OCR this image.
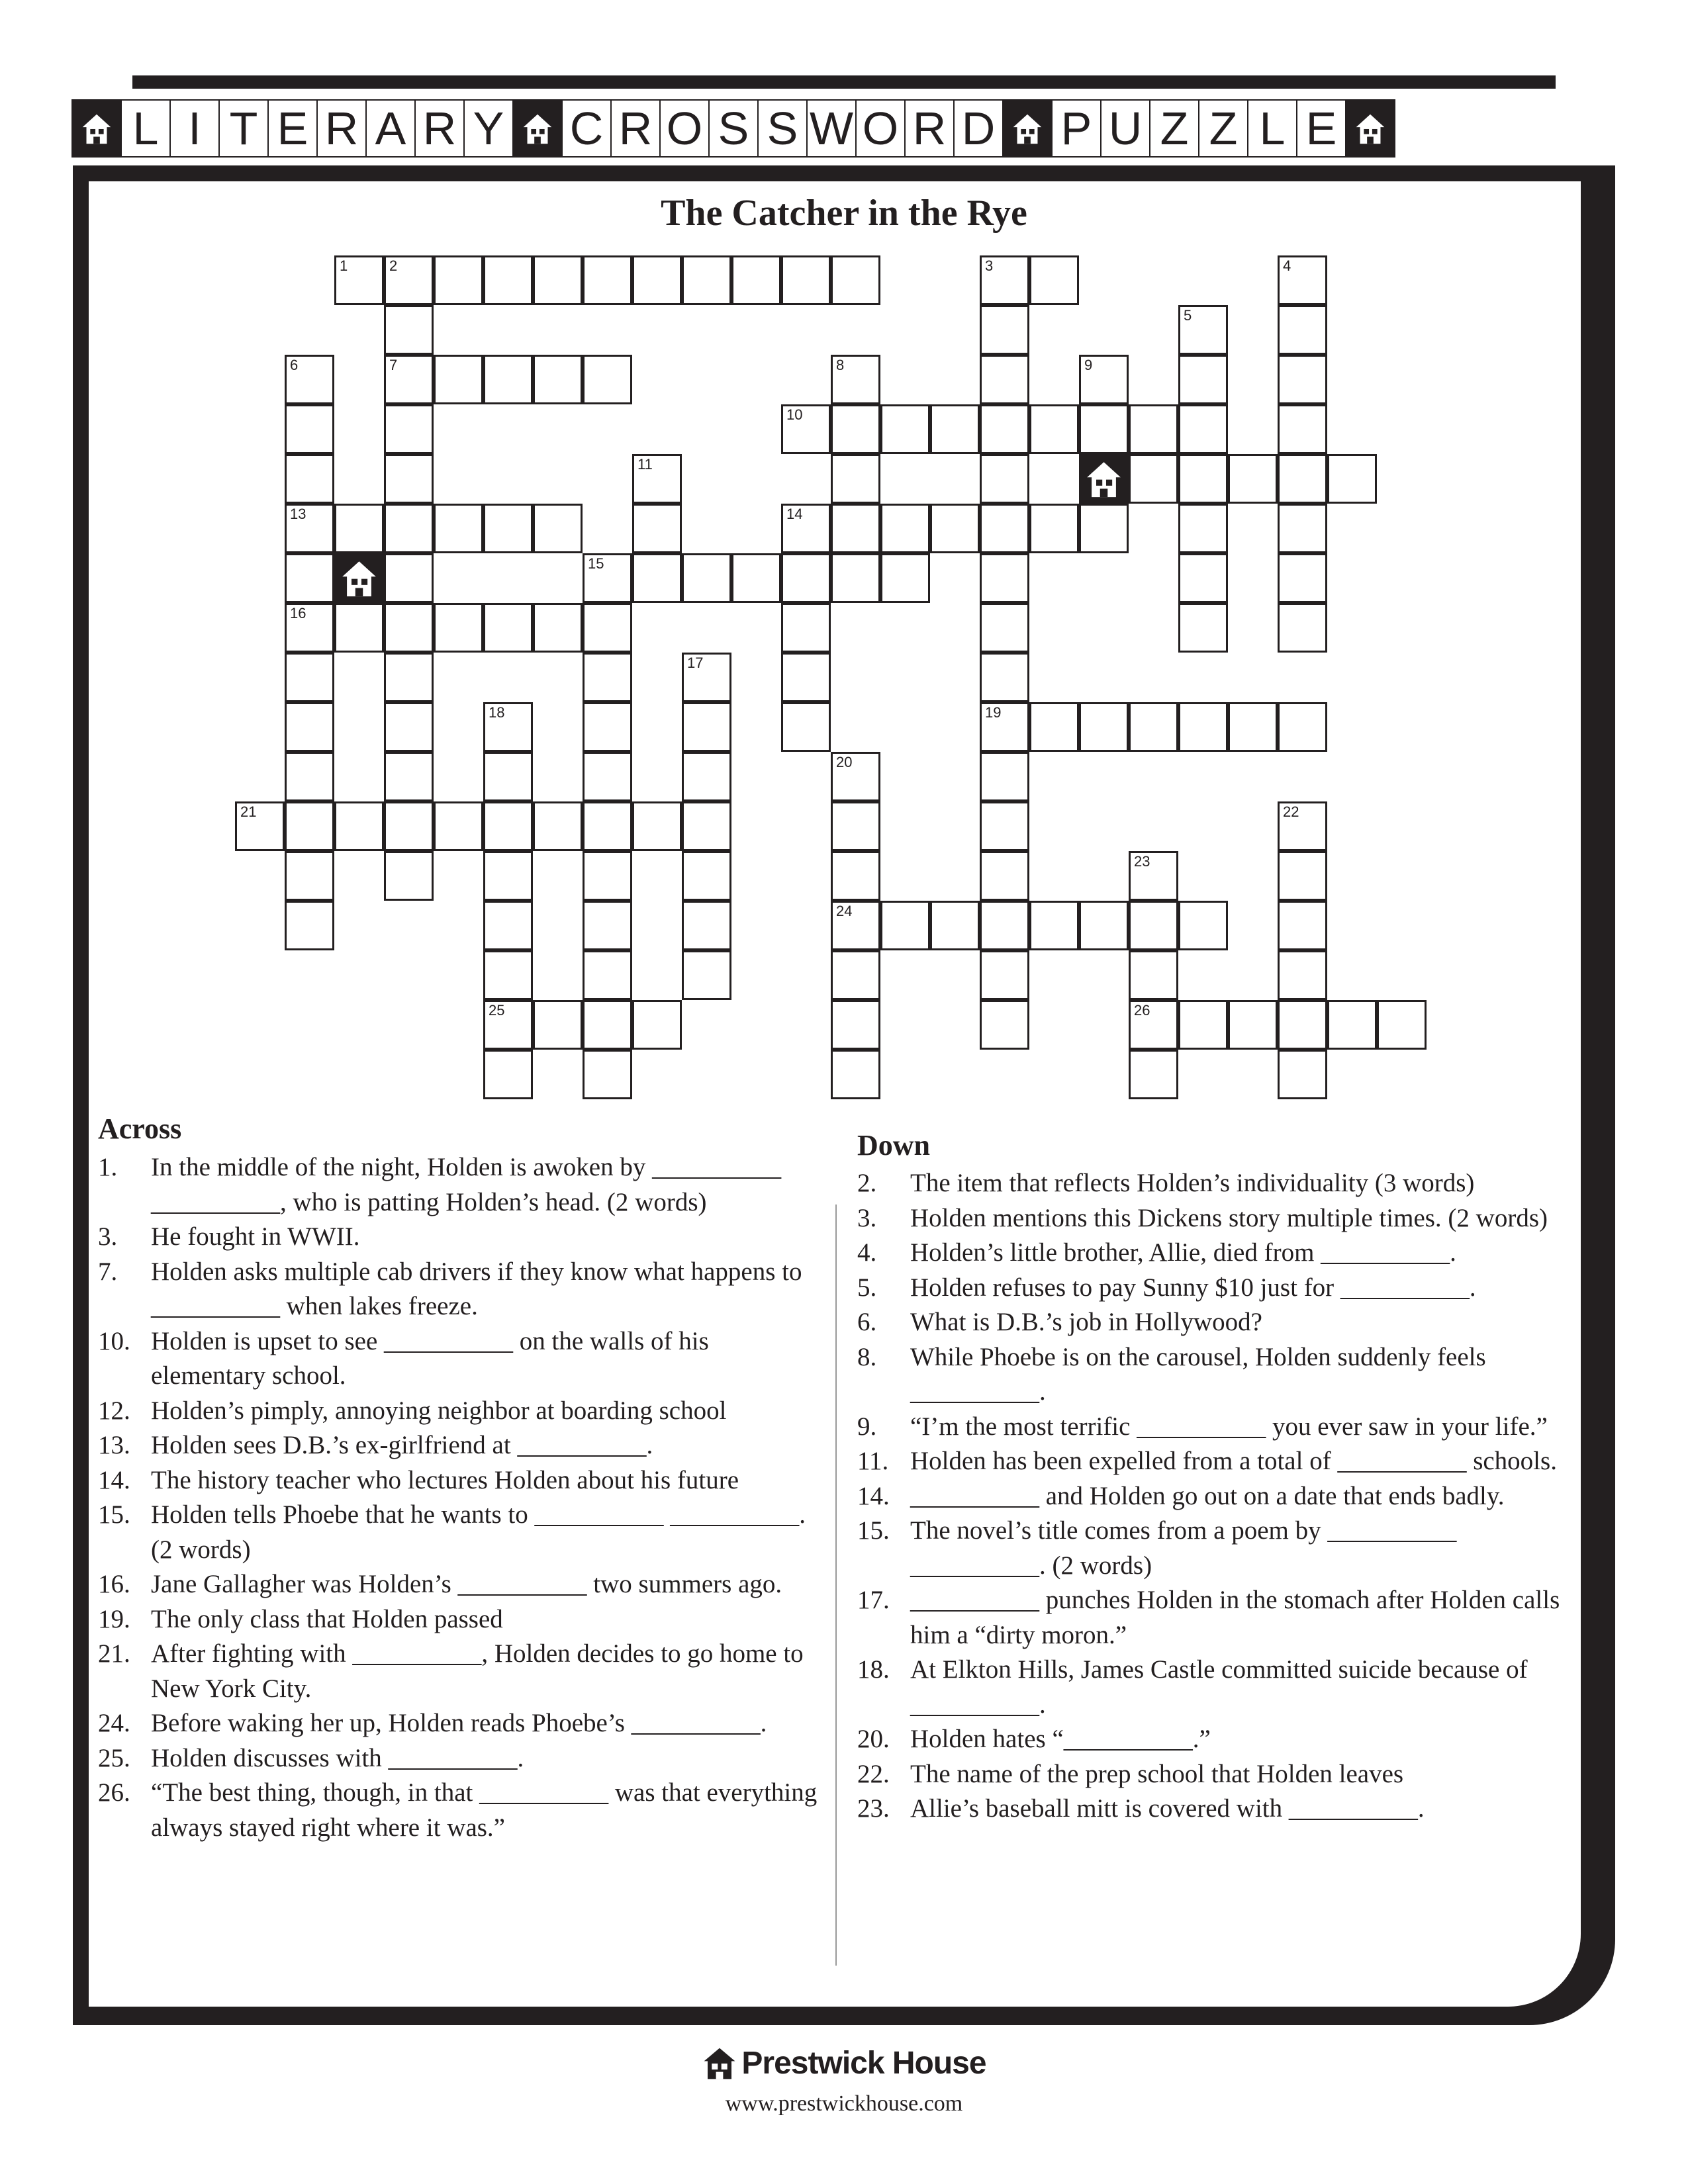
L I T E R A R Y C R O S S W O R D P U Z Z L E
The Catcher in the Rye
1	2
7
3
19
4
5
6
13
16
8	9
10
11
14
15
17
18
25
20
24
21	22
23
26
Across
1.	In the middle of the night, Holden is awoken by __________ __________, who is patting Holden’s head. (2 words)
3.	He fought in WWII.
7.	Holden asks multiple cab drivers if they know what happens to __________ when lakes freeze.
10. Holden is upset to see __________ on the walls of his elementary school.
12. Holden’s pimply, annoying neighbor at boarding school
13. Holden sees D.B.’s ex-girlfriend at __________.
14. The history teacher who lectures Holden about his future
15. Holden tells Phoebe that he wants to __________ __________. (2 words)
16. Jane Gallagher was Holden’s __________ two summers ago.
19. The only class that Holden passed
21. After fighting with __________, Holden decides to go home to New York City.
24. Before waking her up, Holden reads Phoebe’s __________.
25. Holden discusses with __________.
26. “The best thing, though, in that __________ was that everything always stayed right where it was.”
Down
2.	The item that reflects Holden’s individuality (3 words)
3.	Holden mentions this Dickens story multiple times. (2 words)
4.	Holden’s little brother, Allie, died from __________.
5.	Holden refuses to pay Sunny $10 just for __________.
6.	What is D.B.’s job in Hollywood?
8.	While Phoebe is on the carousel, Holden suddenly feels __________.
9.	“I’m the most terrific __________ you ever saw in your life.”
11. Holden has been expelled from a total of __________ schools.
14. __________ and Holden go out on a date that ends badly.
15. The novel’s title comes from a poem by __________ __________. (2 words)
17. __________ punches Holden in the stomach after Holden calls him a “dirty moron.”
18. At Elkton Hills, James Castle committed suicide because of __________.
20. Holden hates “__________.”
22. The name of the prep school that Holden leaves
23. Allie’s baseball mitt is covered with __________.
Prestwick House
www.prestwickhouse.com
